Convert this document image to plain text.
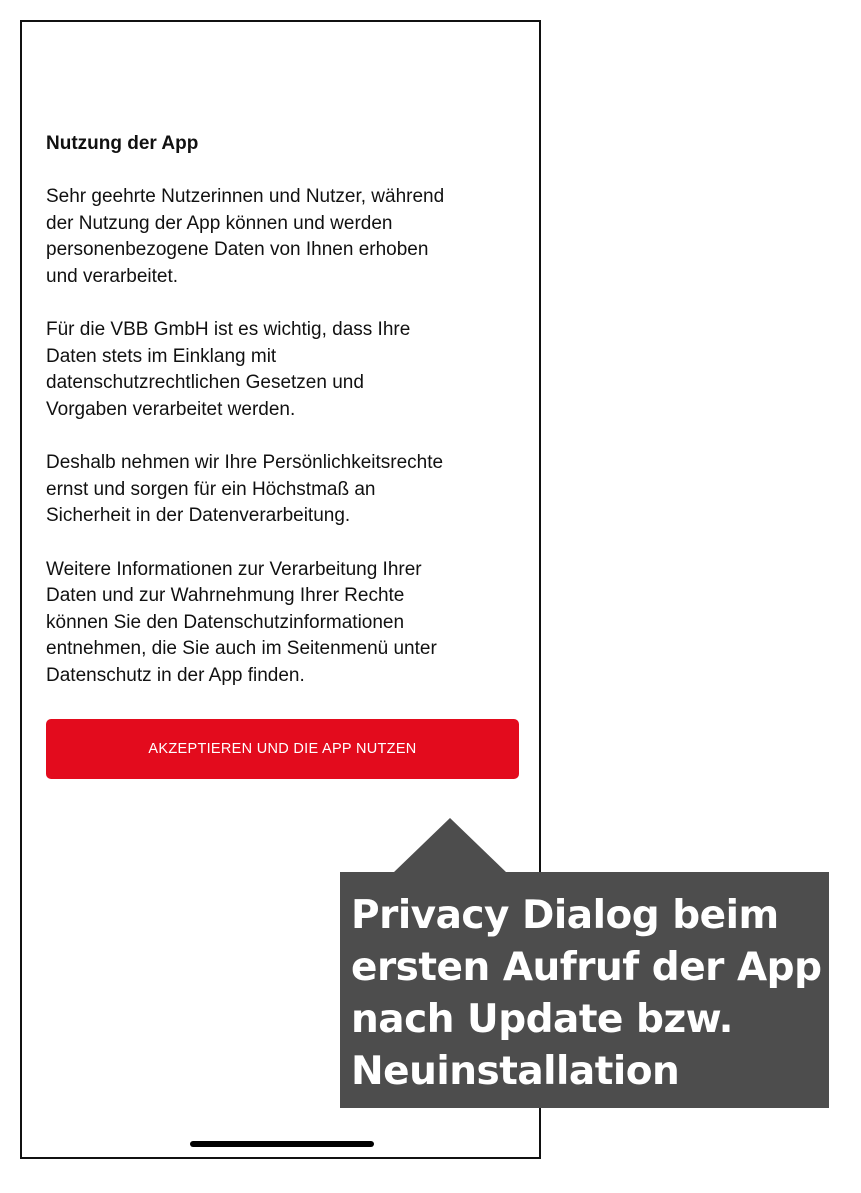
Nutzung der App
Sehr geehrte Nutzerinnen und Nutzer, während
der Nutzung der App können und werden
personenbezogene Daten von Ihnen erhoben
und verarbeitet.
Für die VBB GmbH ist es wichtig, dass Ihre
Daten stets im Einklang mit
datenschutzrechtlichen Gesetzen und
Vorgaben verarbeitet werden.
Deshalb nehmen wir Ihre Persönlichkeitsrechte
ernst und sorgen für ein Höchstmaß an
Sicherheit in der Datenverarbeitung.
Weitere Informationen zur Verarbeitung Ihrer
Daten und zur Wahrnehmung Ihrer Rechte
können Sie den Datenschutzinformationen
entnehmen, die Sie auch im Seitenmenü unter
Datenschutz in der App finden.
AKZEPTIEREN UND DIE APP NUTZEN

Privacy Dialog beim
ersten Aufruf der App
nach Update bzw.
Neuinstallation
